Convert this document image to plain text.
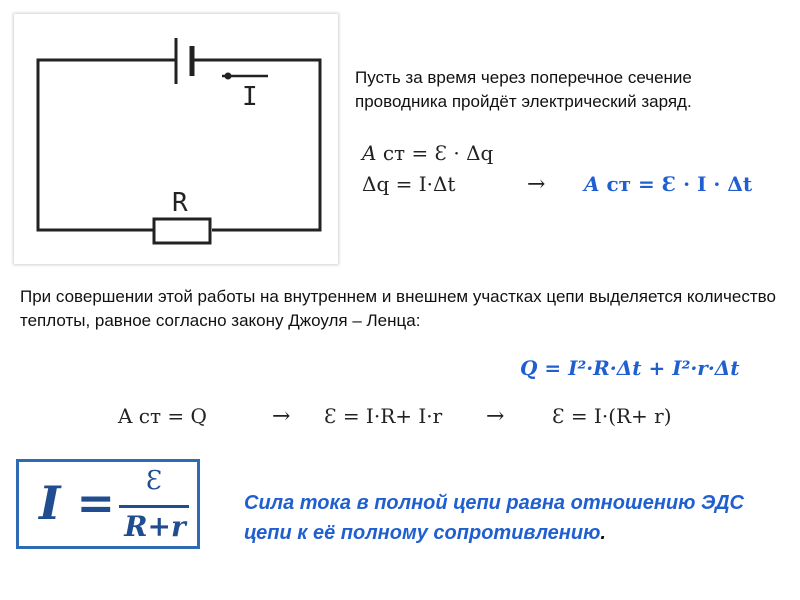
I
R
Пусть за время через поперечное сечение проводника пройдёт электрический заряд.
A ст = Ɛ · Δq
Δq = I·Δt	→ A ст = Ɛ · I · Δt
При совершении этой работы на внутреннем и внешнем участках цепи выделяется количество теплоты, равное согласно закону Джоуля – Ленца:
Q = I²·R·Δt + I²·r·Δt
A ст = Q	→ Ɛ = I·R+ I·r → Ɛ = I·(R+ r)
I =	Ɛ
R+r
Сила тока в полной цепи равна отношению ЭДС цепи к её полному сопротивлению.
